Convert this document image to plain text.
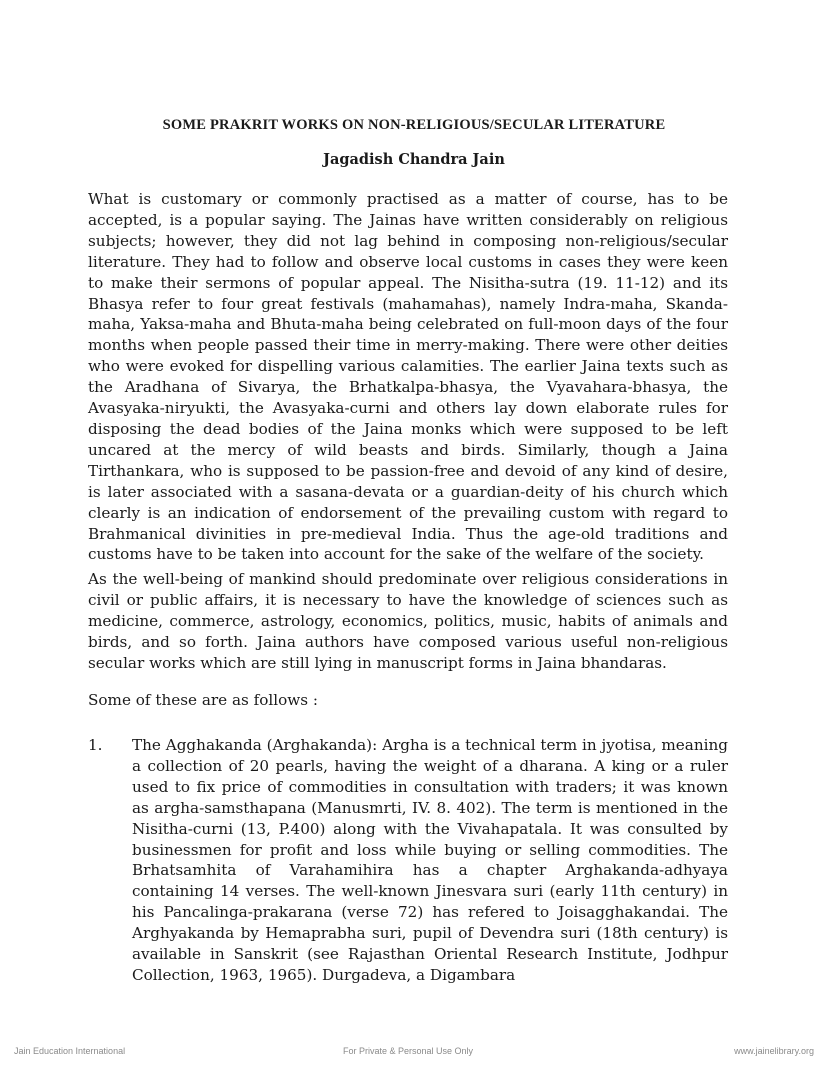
SOME PRAKRIT WORKS ON NON-RELIGIOUS/SECULAR LITERATURE
Jagadish Chandra Jain

What is customary or commonly practised as a matter of course, has to be accepted, is a popular saying. The Jainas have written considerably on religious subjects; however, they did not lag behind in composing non-religious/secular literature. They had to follow and observe local customs in cases they were keen to make their sermons of popular appeal. The Nisitha-sutra (19. 11-12) and its Bhasya refer to four great festivals (mahamahas), namely Indra-maha, Skanda-maha, Yaksa-maha and Bhuta-maha being celebrated on full-moon days of the four months when people passed their time in merry-making. There were other deities who were evoked for dispelling various calamities. The earlier Jaina texts such as the Aradhana of Sivarya, the Brhatkalpa-bhasya, the Vyavahara-bhasya, the Avasyaka-niryukti, the Avasyaka-curni and others lay down elaborate rules for disposing the dead bodies of the Jaina monks which were supposed to be left uncared at the mercy of wild beasts and birds. Similarly, though a Jaina Tirthankara, who is supposed to be passion-free and devoid of any kind of desire, is later associated with a sasana-devata or a guardian-deity of his church which clearly is an indication of endorsement of the prevailing custom with regard to Brahmanical divinities in pre-medieval India. Thus the age-old traditions and customs have to be taken into account for the sake of the welfare of the society.

As the well-being of mankind should predominate over religious considerations in civil or public affairs, it is necessary to have the knowledge of sciences such as medicine, commerce, astrology, economics, politics, music, habits of animals and birds, and so forth. Jaina authors have composed various useful non-religious secular works which are still lying in manuscript forms in Jaina bhandaras.

Some of these are as follows :

1. The Agghakanda (Arghakanda): Argha is a technical term in jyotisa, meaning a collection of 20 pearls, having the weight of a dharana. A king or a ruler used to fix price of commodities in consultation with traders; it was known as argha-samsthapana (Manusmrti, IV. 8. 402). The term is mentioned in the Nisitha-curni (13, P.400) along with the Vivahapatala. It was consulted by businessmen for profit and loss while buying or selling commodities. The Brhatsamhita of Varahamihira has a chapter Arghakanda-adhyaya containing 14 verses. The well-known Jinesvara suri (early 11th century) in his Pancalinga-prakarana (verse 72) has refered to Joisagghakandai. The Arghyakanda by Hemaprabha suri, pupil of Devendra suri (18th century) is available in Sanskrit (see Rajasthan Oriental Research Institute, Jodhpur Collection, 1963, 1965). Durgadeva, a Digambara

Jain Education International	For Private & Personal Use Only	www.jainelibrary.org
